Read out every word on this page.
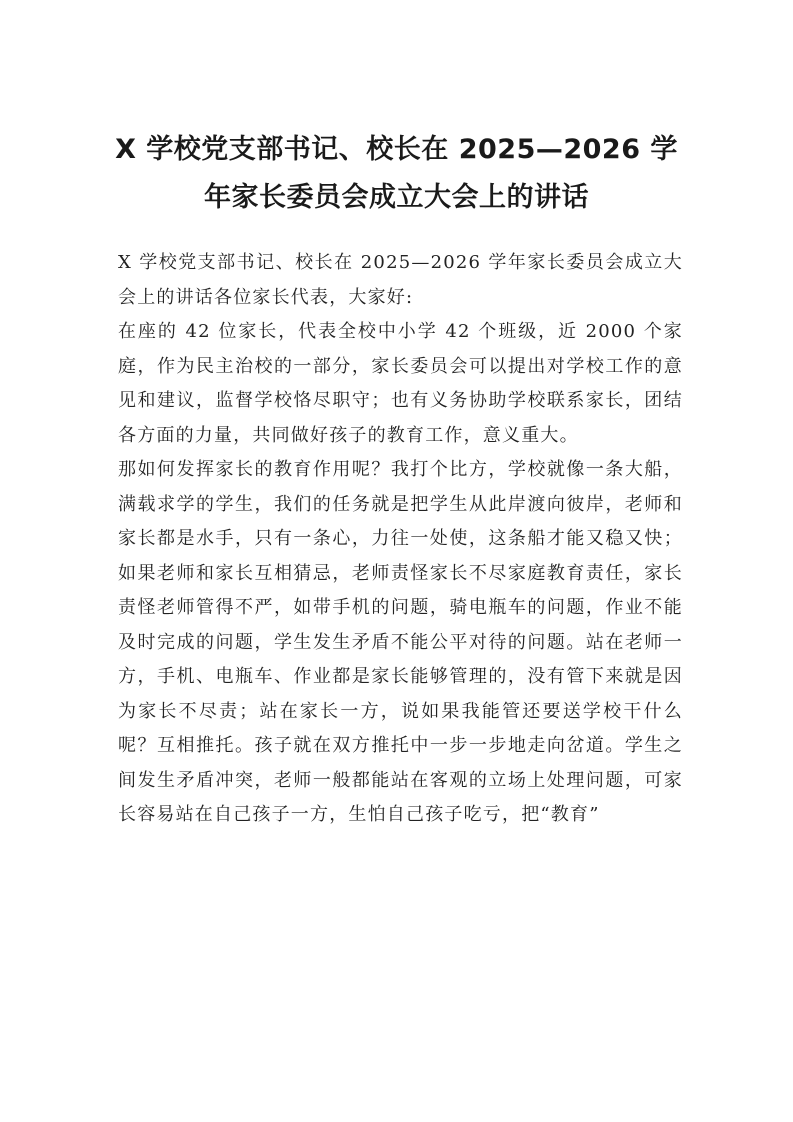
X 学校党支部书记、校长在 2025—2026 学
年家长委员会成立大会上的讲话

X 学校党支部书记、校长在 2025—2026 学年家长委员会成立大会上的讲话各位家长代表，大家好:

在座的 42 位家长，代表全校中小学 42 个班级，近 2000 个家庭，作为民主治校的一部分，家长委员会可以提出对学校工作的意见和建议，监督学校恪尽职守；也有义务协助学校联系家长，团结各方面的力量，共同做好孩子的教育工作，意义重大。

那如何发挥家长的教育作用呢？我打个比方，学校就像一条大船，满载求学的学生，我们的任务就是把学生从此岸渡向彼岸，老师和家长都是水手，只有一条心，力往一处使，这条船才能又稳又快；如果老师和家长互相猜忌，老师责怪家长不尽家庭教育责任，家长责怪老师管得不严，如带手机的问题，骑电瓶车的问题，作业不能及时完成的问题，学生发生矛盾不能公平对待的问题。站在老师一方，手机、电瓶车、作业都是家长能够管理的，没有管下来就是因为家长不尽责；站在家长一方，说如果我能管还要送学校干什么呢？互相推托。孩子就在双方推托中一步一步地走向岔道。学生之间发生矛盾冲突，老师一般都能站在客观的立场上处理问题，可家长容易站在自己孩子一方，生怕自己孩子吃亏，把“教育”
